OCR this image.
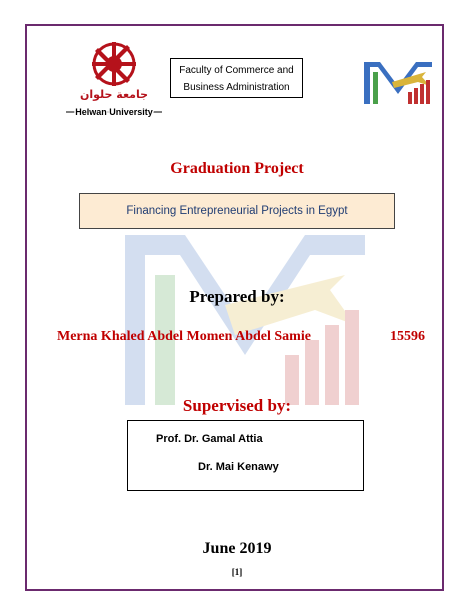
جامعة حلوان
Helwan University
Faculty of Commerce and
Business Administration
Graduation Project
Financing Entrepreneurial Projects in Egypt
Prepared by:
Merna Khaled Abdel Momen Abdel Samie	15596
Supervised by:
Prof. Dr. Gamal Attia
Dr. Mai Kenawy
June 2019
[1]
